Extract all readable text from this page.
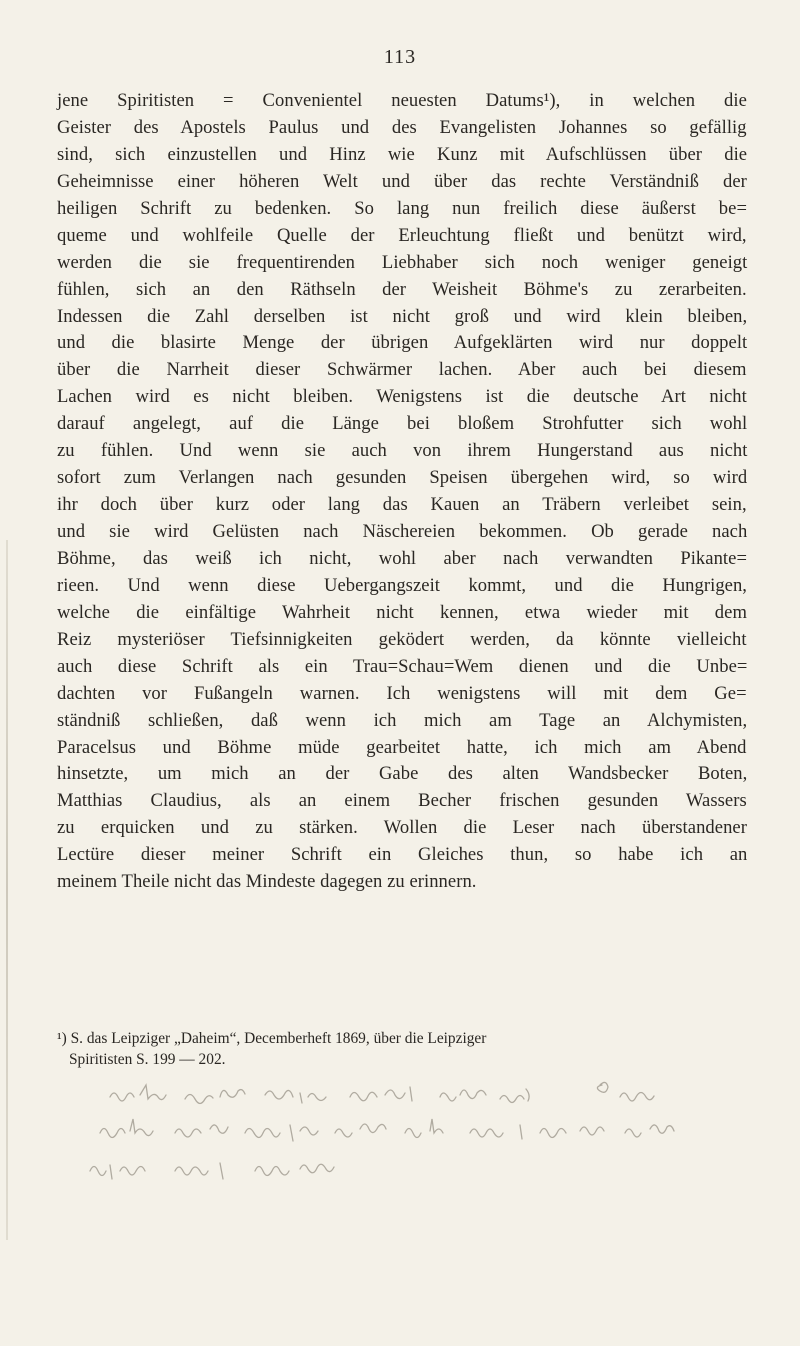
113
jene Spiritisten = Convenientel neuesten Datums¹), in welchen die
Geister des Apostels Paulus und des Evangelisten Johannes so gefällig
sind, sich einzustellen und Hinz wie Kunz mit Aufschlüssen über die
Geheimnisse einer höheren Welt und über das rechte Verständniß der
heiligen Schrift zu bedenken. So lang nun freilich diese äußerst be=
queme und wohlfeile Quelle der Erleuchtung fließt und benützt wird,
werden die sie frequentirenden Liebhaber sich noch weniger geneigt
fühlen, sich an den Räthseln der Weisheit Böhme's zu zerarbeiten.
Indessen die Zahl derselben ist nicht groß und wird klein bleiben,
und die blasirte Menge der übrigen Aufgeklärten wird nur doppelt
über die Narrheit dieser Schwärmer lachen. Aber auch bei diesem
Lachen wird es nicht bleiben. Wenigstens ist die deutsche Art nicht
darauf angelegt, auf die Länge bei bloßem Strohfutter sich wohl
zu fühlen. Und wenn sie auch von ihrem Hungerstand aus nicht
sofort zum Verlangen nach gesunden Speisen übergehen wird, so wird
ihr doch über kurz oder lang das Kauen an Träbern verleibet sein,
und sie wird Gelüsten nach Näschereien bekommen. Ob gerade nach
Böhme, das weiß ich nicht, wohl aber nach verwandten Pikante=
rieen. Und wenn diese Uebergangszeit kommt, und die Hungrigen,
welche die einfältige Wahrheit nicht kennen, etwa wieder mit dem
Reiz mysteriöser Tiefsinnigkeiten geködert werden, da könnte vielleicht
auch diese Schrift als ein Trau=Schau=Wem dienen und die Unbe=
dachten vor Fußangeln warnen. Ich wenigstens will mit dem Ge=
ständniß schließen, daß wenn ich mich am Tage an Alchymisten,
Paracelsus und Böhme müde gearbeitet hatte, ich mich am Abend
hinsetzte, um mich an der Gabe des alten Wandsbecker Boten,
Matthias Claudius, als an einem Becher frischen gesunden Wassers
zu erquicken und zu stärken. Wollen die Leser nach überstandener
Lectüre dieser meiner Schrift ein Gleiches thun, so habe ich an
meinem Theile nicht das Mindeste dagegen zu erinnern.
¹) S. das Leipziger „Daheim“, Decemberheft 1869, über die Leipziger
Spiritisten S. 199 — 202.
